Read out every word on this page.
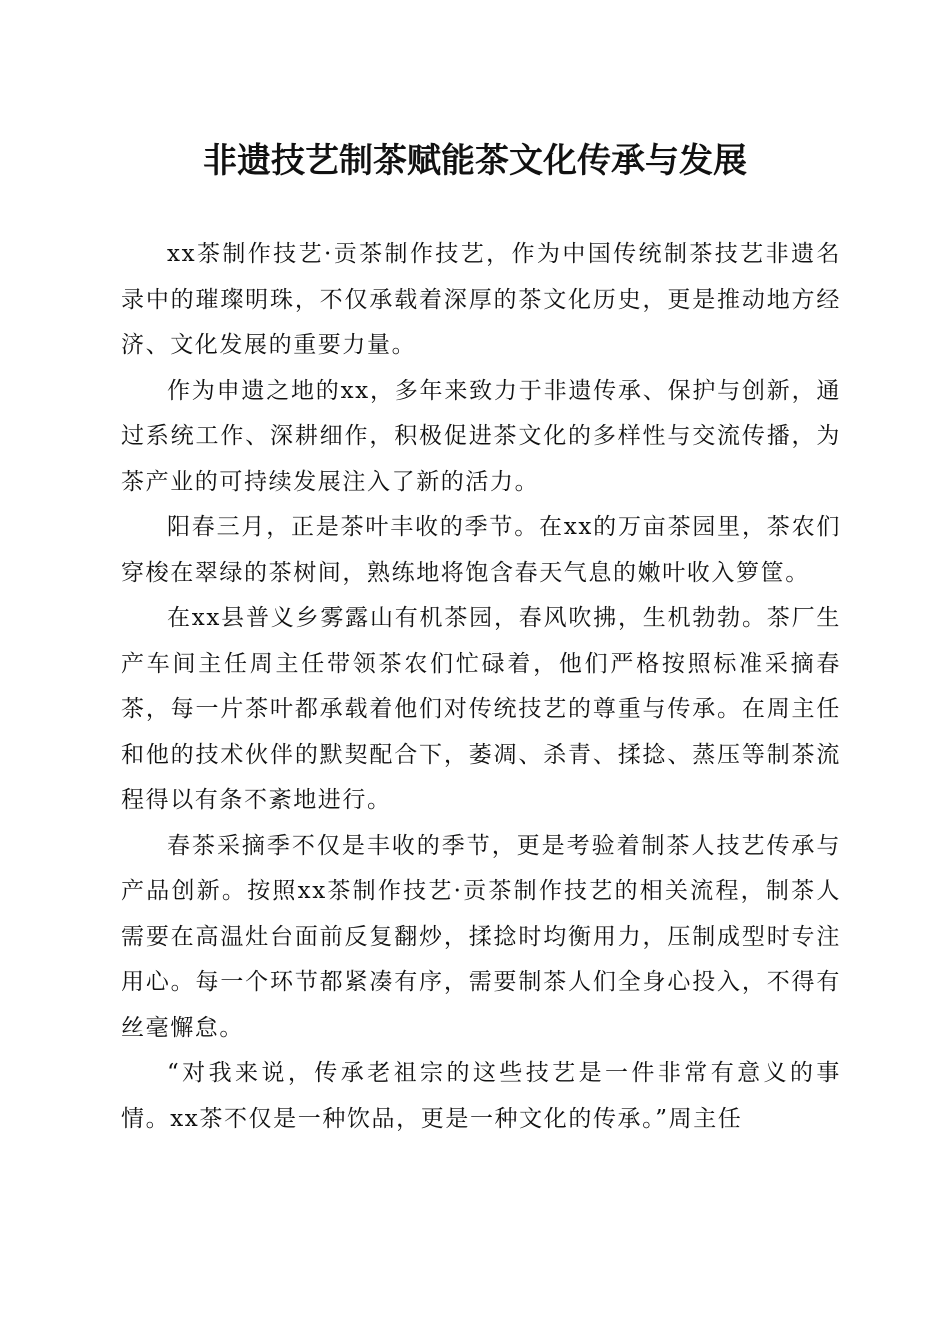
非遗技艺制茶赋能茶文化传承与发展

xx茶制作技艺·贡茶制作技艺，作为中国传统制茶技艺非遗名录中的璀璨明珠，不仅承载着深厚的茶文化历史，更是推动地方经济、文化发展的重要力量。

作为申遗之地的xx，多年来致力于非遗传承、保护与创新，通过系统工作、深耕细作，积极促进茶文化的多样性与交流传播，为茶产业的可持续发展注入了新的活力。

阳春三月，正是茶叶丰收的季节。在xx的万亩茶园里，茶农们穿梭在翠绿的茶树间，熟练地将饱含春天气息的嫩叶收入箩筐。

在xx县普义乡雾露山有机茶园，春风吹拂，生机勃勃。茶厂生产车间主任周主任带领茶农们忙碌着，他们严格按照标准采摘春茶，每一片茶叶都承载着他们对传统技艺的尊重与传承。在周主任和他的技术伙伴的默契配合下，萎凋、杀青、揉捻、蒸压等制茶流程得以有条不紊地进行。

春茶采摘季不仅是丰收的季节，更是考验着制茶人技艺传承与产品创新。按照xx茶制作技艺·贡茶制作技艺的相关流程，制茶人需要在高温灶台面前反复翻炒，揉捻时均衡用力，压制成型时专注用心。每一个环节都紧凑有序，需要制茶人们全身心投入，不得有丝毫懈怠。

“对我来说，传承老祖宗的这些技艺是一件非常有意义的事情。xx茶不仅是一种饮品，更是一种文化的传承。”周主任
